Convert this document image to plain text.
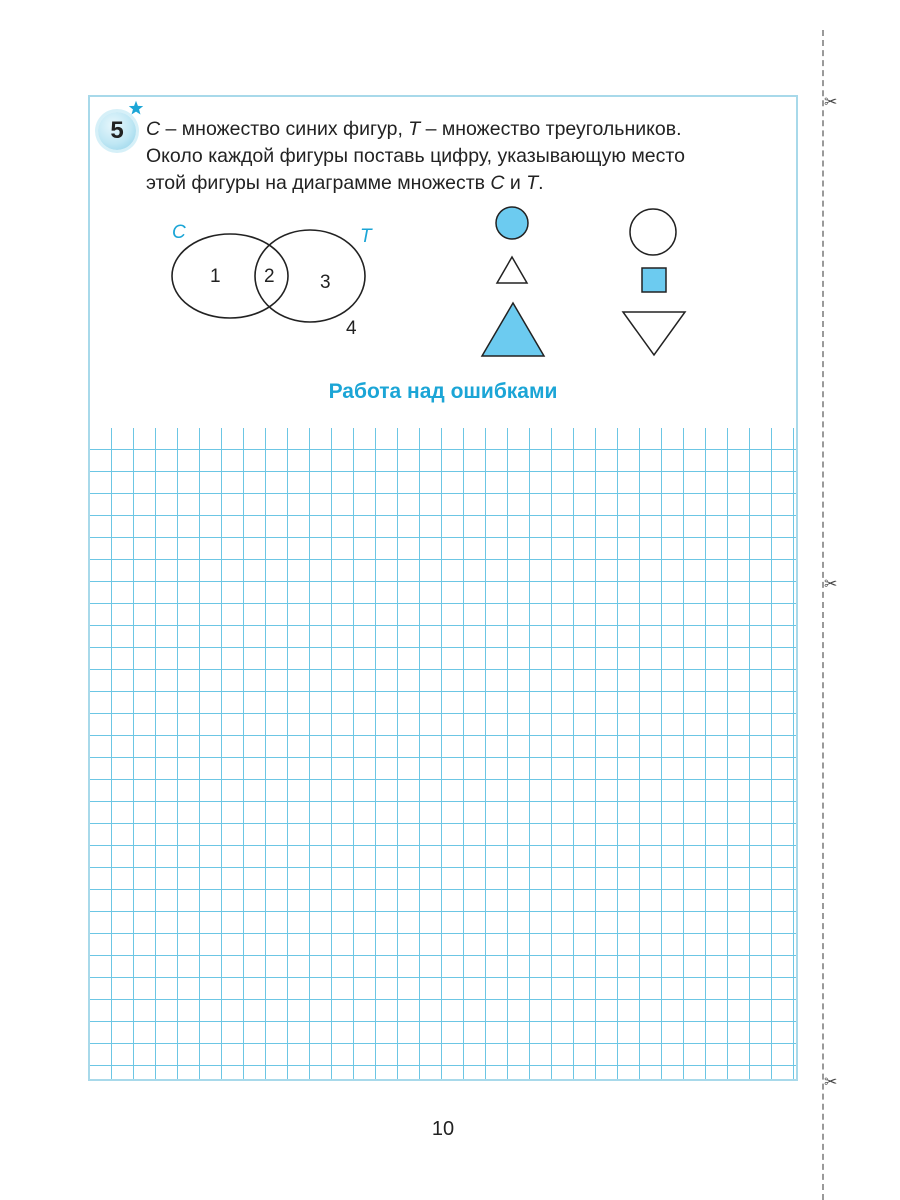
5	C – множество синих фигур, T – множество треугольников.

Около каждой фигуры поставь цифру, указывающую место

этой фигуры на диаграмме множеств C и T.

C	T
1 2 3
4
Работа над ошибками
10
✂
✂
✂
